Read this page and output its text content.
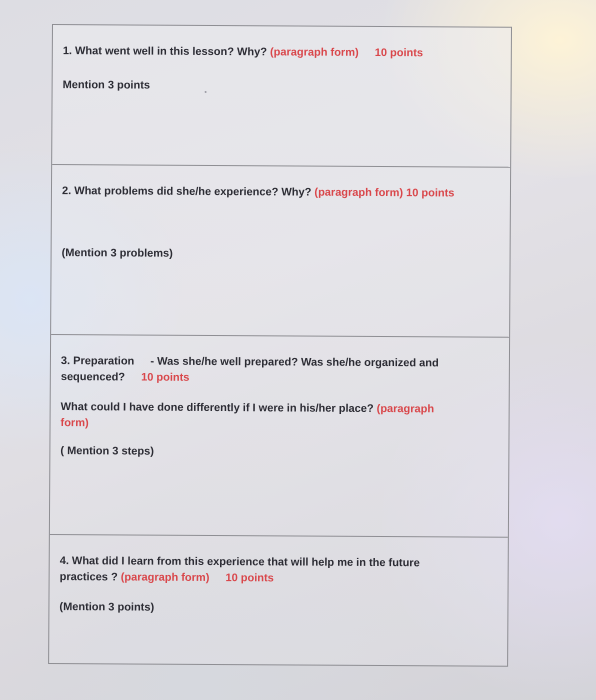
1. What went well in this lesson? Why? (paragraph form) 10 points
Mention 3 points
2. What problems did she/he experience? Why? (paragraph form) 10 points
(Mention 3 problems)
3. Preparation - Was she/he well prepared? Was she/he organized and
sequenced? 10 points
What could I have done differently if I were in his/her place? (paragraph
form)
( Mention 3 steps)
4. What did I learn from this experience that will help me in the future
practices ? (paragraph form) 10 points
(Mention 3 points)
